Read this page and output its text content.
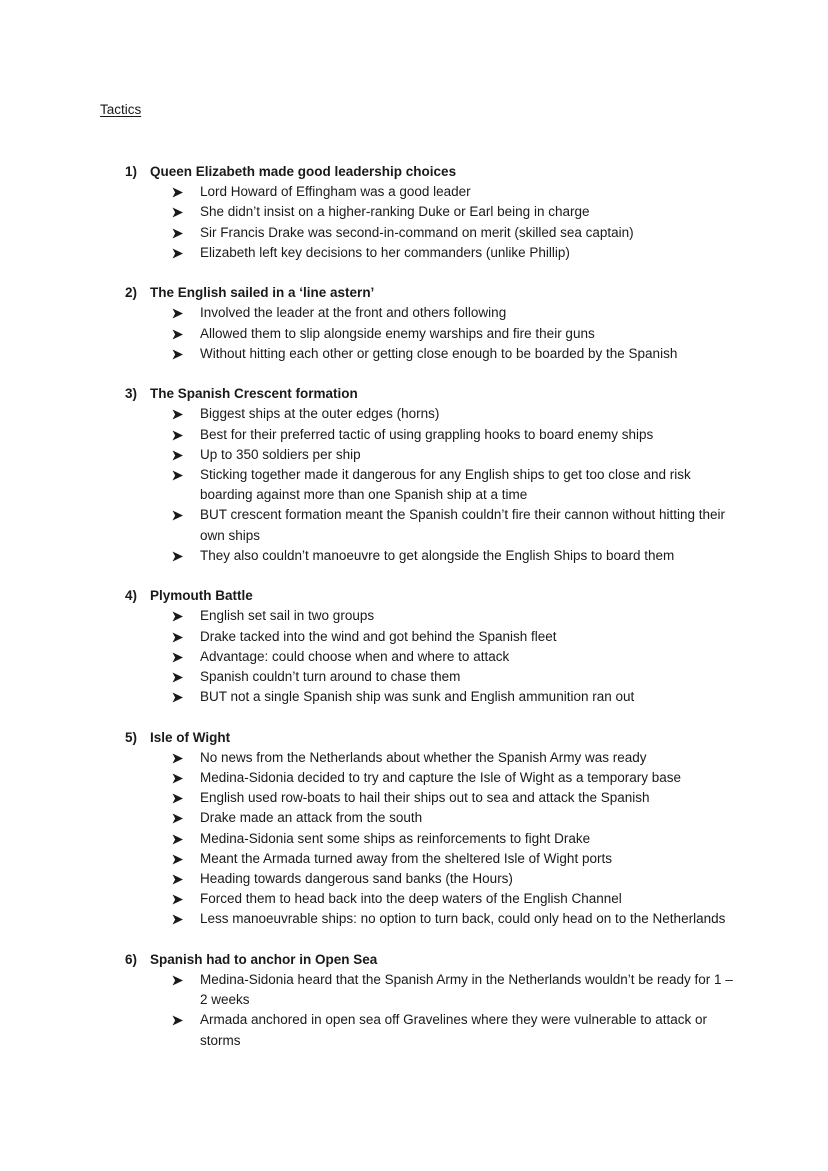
Tactics
1) Queen Elizabeth made good leadership choices
Lord Howard of Effingham was a good leader
She didn’t insist on a higher-ranking Duke or Earl being in charge
Sir Francis Drake was second-in-command on merit (skilled sea captain)
Elizabeth left key decisions to her commanders (unlike Phillip)
2) The English sailed in a ‘line astern’
Involved the leader at the front and others following
Allowed them to slip alongside enemy warships and fire their guns
Without hitting each other or getting close enough to be boarded by the Spanish
3) The Spanish Crescent formation
Biggest ships at the outer edges (horns)
Best for their preferred tactic of using grappling hooks to board enemy ships
Up to 350 soldiers per ship
Sticking together made it dangerous for any English ships to get too close and risk boarding against more than one Spanish ship at a time
BUT crescent formation meant the Spanish couldn’t fire their cannon without hitting their own ships
They also couldn’t manoeuvre to get alongside the English Ships to board them
4) Plymouth Battle
English set sail in two groups
Drake tacked into the wind and got behind the Spanish fleet
Advantage: could choose when and where to attack
Spanish couldn’t turn around to chase them
BUT not a single Spanish ship was sunk and English ammunition ran out
5) Isle of Wight
No news from the Netherlands about whether the Spanish Army was ready
Medina-Sidonia decided to try and capture the Isle of Wight as a temporary base
English used row-boats to hail their ships out to sea and attack the Spanish
Drake made an attack from the south
Medina-Sidonia sent some ships as reinforcements to fight Drake
Meant the Armada turned away from the sheltered Isle of Wight ports
Heading towards dangerous sand banks (the Hours)
Forced them to head back into the deep waters of the English Channel
Less manoeuvrable ships: no option to turn back, could only head on to the Netherlands
6) Spanish had to anchor in Open Sea
Medina-Sidonia heard that the Spanish Army in the Netherlands wouldn’t be ready for 1 – 2 weeks
Armada anchored in open sea off Gravelines where they were vulnerable to attack or storms
